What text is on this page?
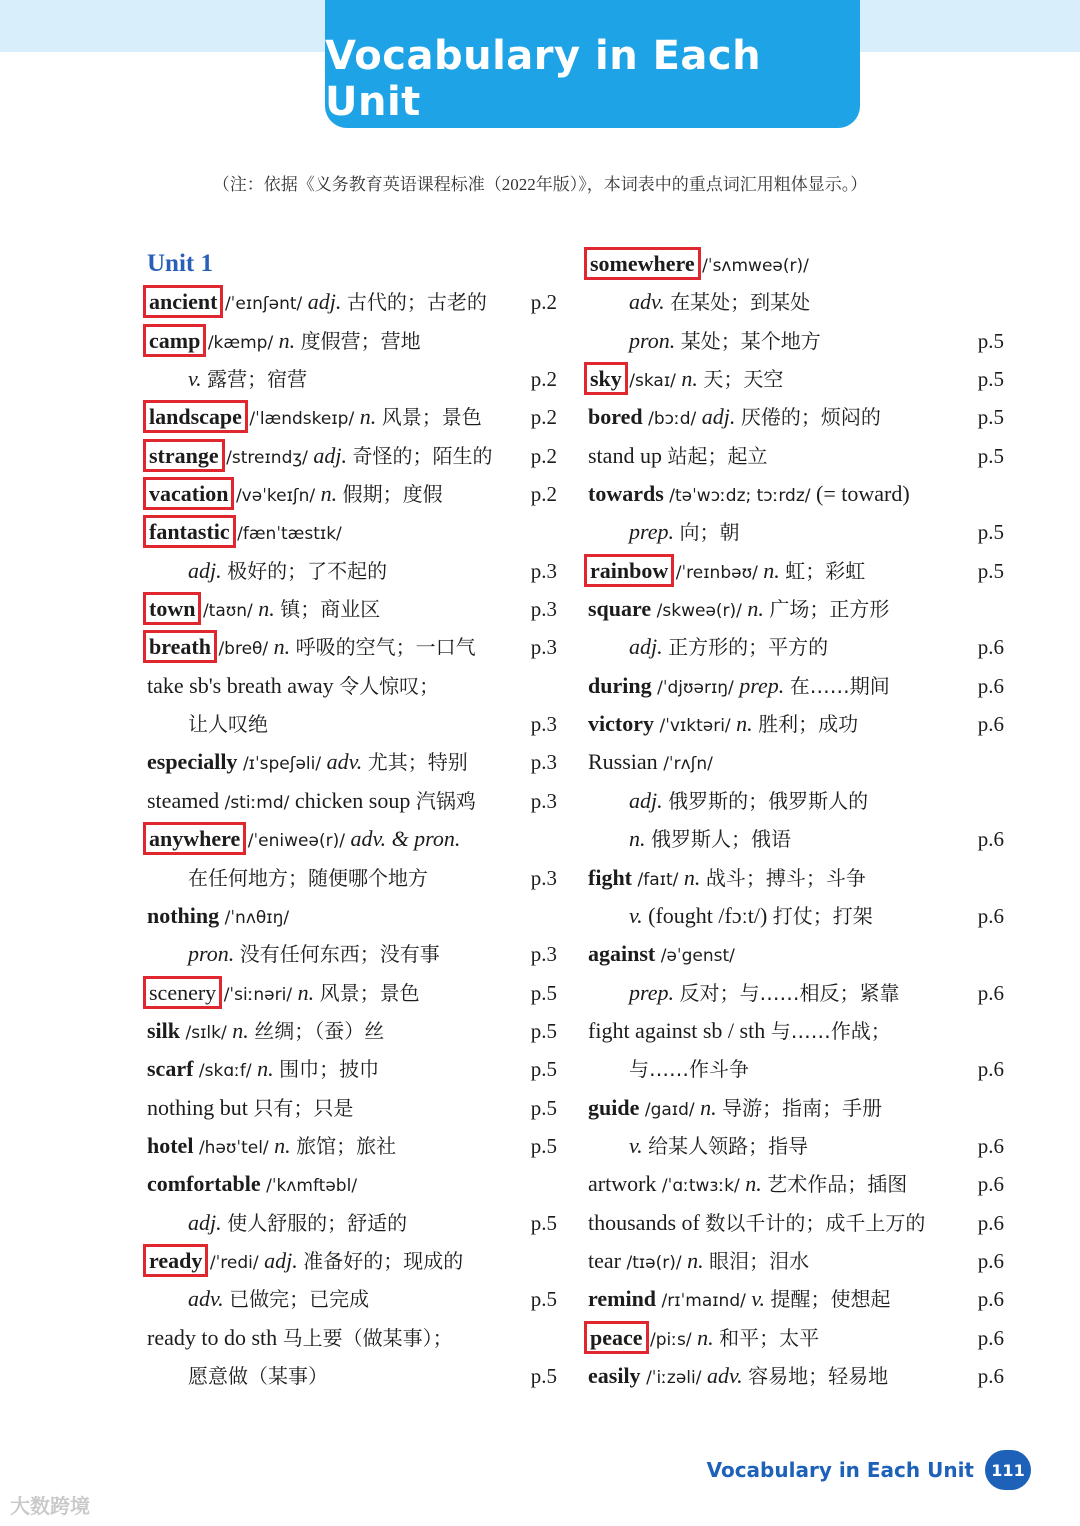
Vocabulary in Each Unit
（注：依据《义务教育英语课程标准（2022年版）》，本词表中的重点词汇用粗体显示。）
Unit 1
ancient /ˈeɪnʃənt/ adj. 古代的；古老的 p.2
camp /kæmp/ n. 度假营；营地
v. 露营；宿营	p.2
landscape /ˈlændskeɪp/ n. 风景；景色 p.2
strange /streɪndʒ/ adj. 奇怪的；陌生的 p.2
vacation /vəˈkeɪʃn/ n. 假期；度假	p.2
fantastic /fænˈtæstɪk/
adj. 极好的；了不起的	p.3
town /taʊn/ n. 镇；商业区	p.3
breath /breθ/ n. 呼吸的空气；一口气	p.3
take sb's breath away 令人惊叹；
让人叹绝	p.3
especially /ɪˈspeʃəli/ adv. 尤其；特别	p.3
steamed /stiːmd/ chicken soup 汽锅鸡	p.3
anywhere /ˈeniweə(r)/ adv. & pron.
在任何地方；随便哪个地方	p.3
nothing /ˈnʌθɪŋ/
pron. 没有任何东西；没有事	p.3
scenery /ˈsiːnəri/ n. 风景；景色	p.5
silk /sɪlk/ n. 丝绸；（蚕）丝	p.5
scarf /skɑːf/ n. 围巾；披巾	p.5
nothing but 只有；只是	p.5
hotel /həʊˈtel/ n. 旅馆；旅社	p.5
comfortable /ˈkʌmftəbl/
adj. 使人舒服的；舒适的	p.5
ready /ˈredi/ adj. 准备好的；现成的
adv. 已做完；已完成	p.5
ready to do sth 马上要（做某事）；
愿意做（某事）	p.5
somewhere /ˈsʌmweə(r)/
adv. 在某处；到某处
pron. 某处；某个地方	p.5
sky /skaɪ/ n. 天；天空	p.5
bored /bɔːd/ adj. 厌倦的；烦闷的	p.5
stand up 站起；起立	p.5
towards /təˈwɔːdz; tɔːrdz/ (= toward)
prep. 向；朝	p.5
rainbow /ˈreɪnbəʊ/ n. 虹；彩虹	p.5
square /skweə(r)/ n. 广场；正方形
adj. 正方形的；平方的	p.6
during /ˈdjʊərɪŋ/ prep. 在……期间	p.6
victory /ˈvɪktəri/ n. 胜利；成功	p.6
Russian /ˈrʌʃn/
adj. 俄罗斯的；俄罗斯人的
n. 俄罗斯人；俄语	p.6
fight /faɪt/ n. 战斗；搏斗；斗争
v. (fought /fɔːt/) 打仗；打架	p.6
against /əˈgenst/
prep. 反对；与……相反；紧靠	p.6
fight against sb / sth 与……作战；
与……作斗争	p.6
guide /gaɪd/ n. 导游；指南；手册
v. 给某人领路；指导	p.6
artwork /ˈɑːtwɜːk/ n. 艺术作品；插图	p.6
thousands of 数以千计的；成千上万的 p.6
tear /tɪə(r)/ n. 眼泪；泪水	p.6
remind /rɪˈmaɪnd/ v. 提醒；使想起	p.6
peace /piːs/ n. 和平；太平	p.6
easily /ˈiːzəli/ adv. 容易地；轻易地	p.6
Vocabulary in Each Unit 111
大数跨境
